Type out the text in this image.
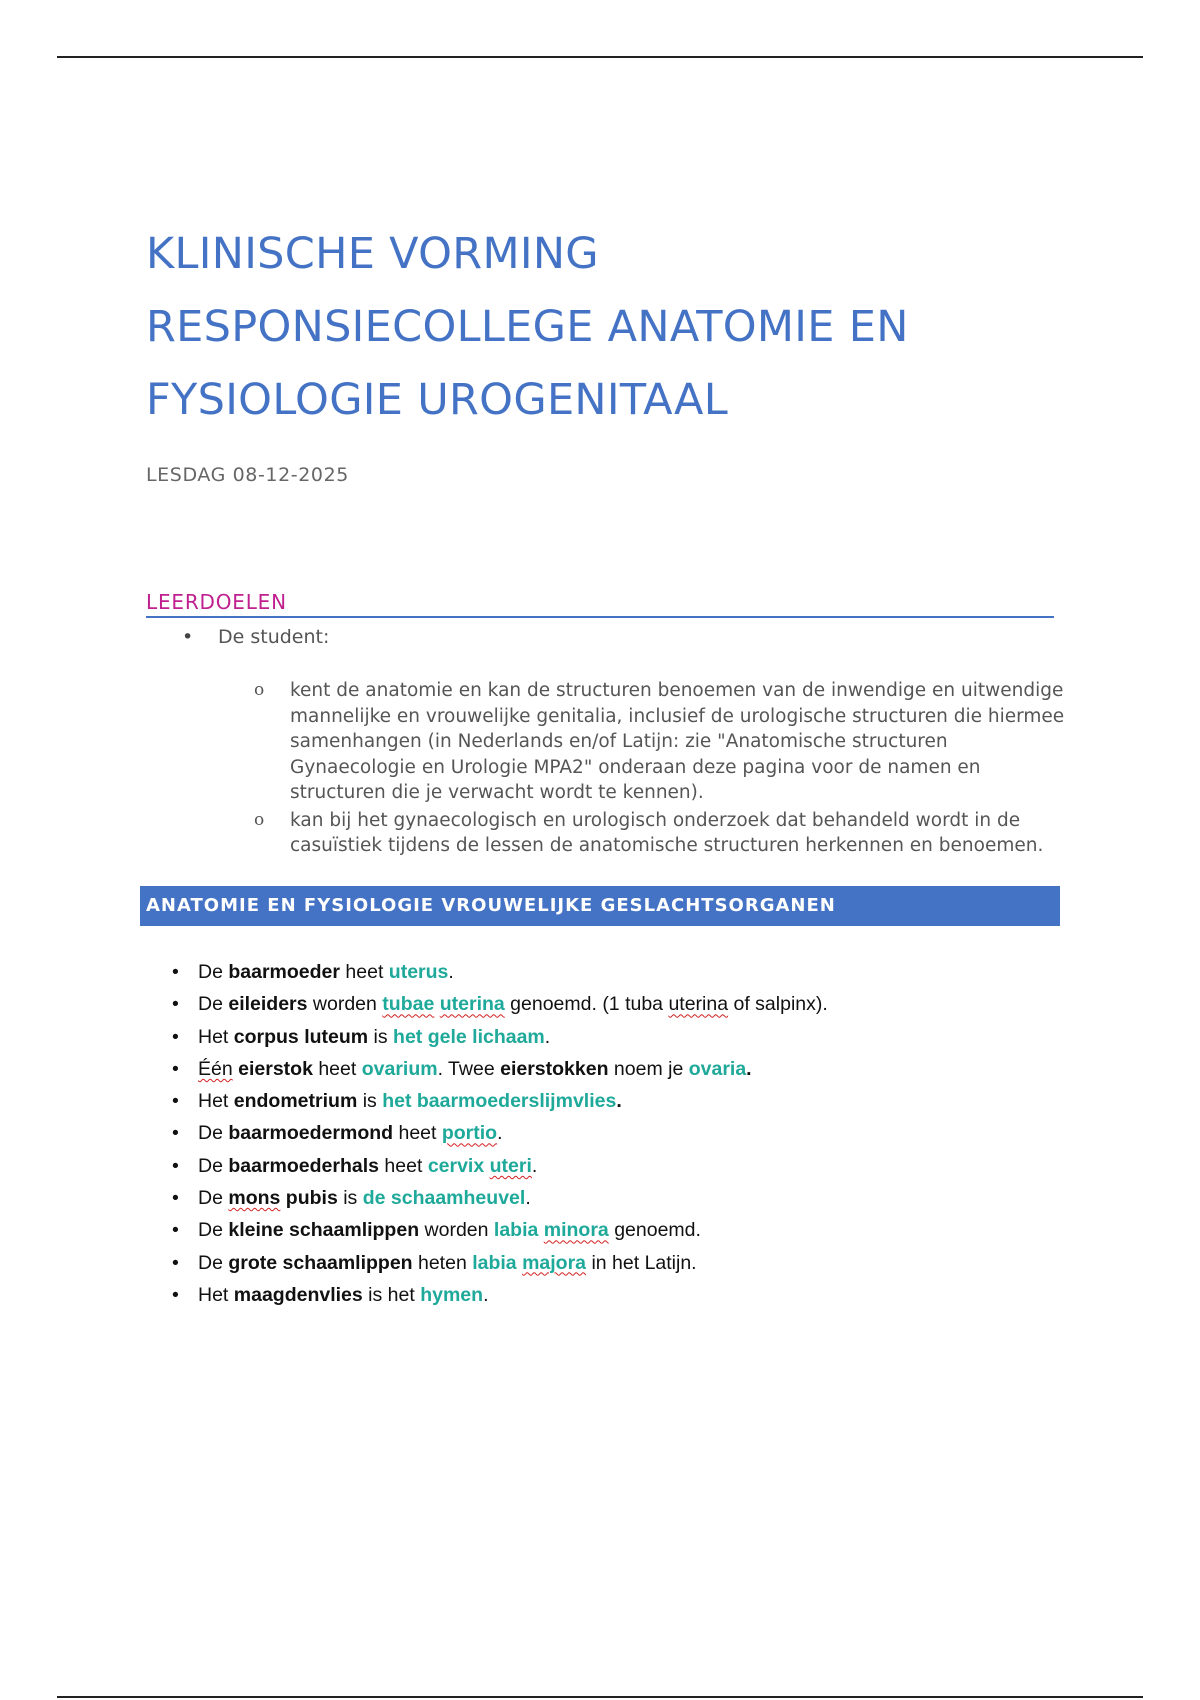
KLINISCHE VORMING
RESPONSIECOLLEGE ANATOMIE EN
FYSIOLOGIE UROGENITAAL
LESDAG 08-12-2025
LEERDOELEN
• De student:
o kent de anatomie en kan de structuren benoemen van de inwendige en uitwendige mannelijke en vrouwelijke genitalia, inclusief de urologische structuren die hiermee samenhangen (in Nederlands en/of Latijn: zie "Anatomische structuren Gynaecologie en Urologie MPA2" onderaan deze pagina voor de namen en structuren die je verwacht wordt te kennen).
o kan bij het gynaecologisch en urologisch onderzoek dat behandeld wordt in de casuïstiek tijdens de lessen de anatomische structuren herkennen en benoemen.
ANATOMIE EN FYSIOLOGIE VROUWELIJKE GESLACHTSORGANEN
• De baarmoeder heet uterus.
• De eileiders worden tubae uterina genoemd. (1 tuba uterina of salpinx).
• Het corpus luteum is het gele lichaam.
• Één eierstok heet ovarium. Twee eierstokken noem je ovaria.
• Het endometrium is het baarmoederslijmvlies.
• De baarmoedermond heet portio.
• De baarmoederhals heet cervix uteri.
• De mons pubis is de schaamheuvel.
• De kleine schaamlippen worden labia minora genoemd.
• De grote schaamlippen heten labia majora in het Latijn.
• Het maagdenvlies is het hymen.
